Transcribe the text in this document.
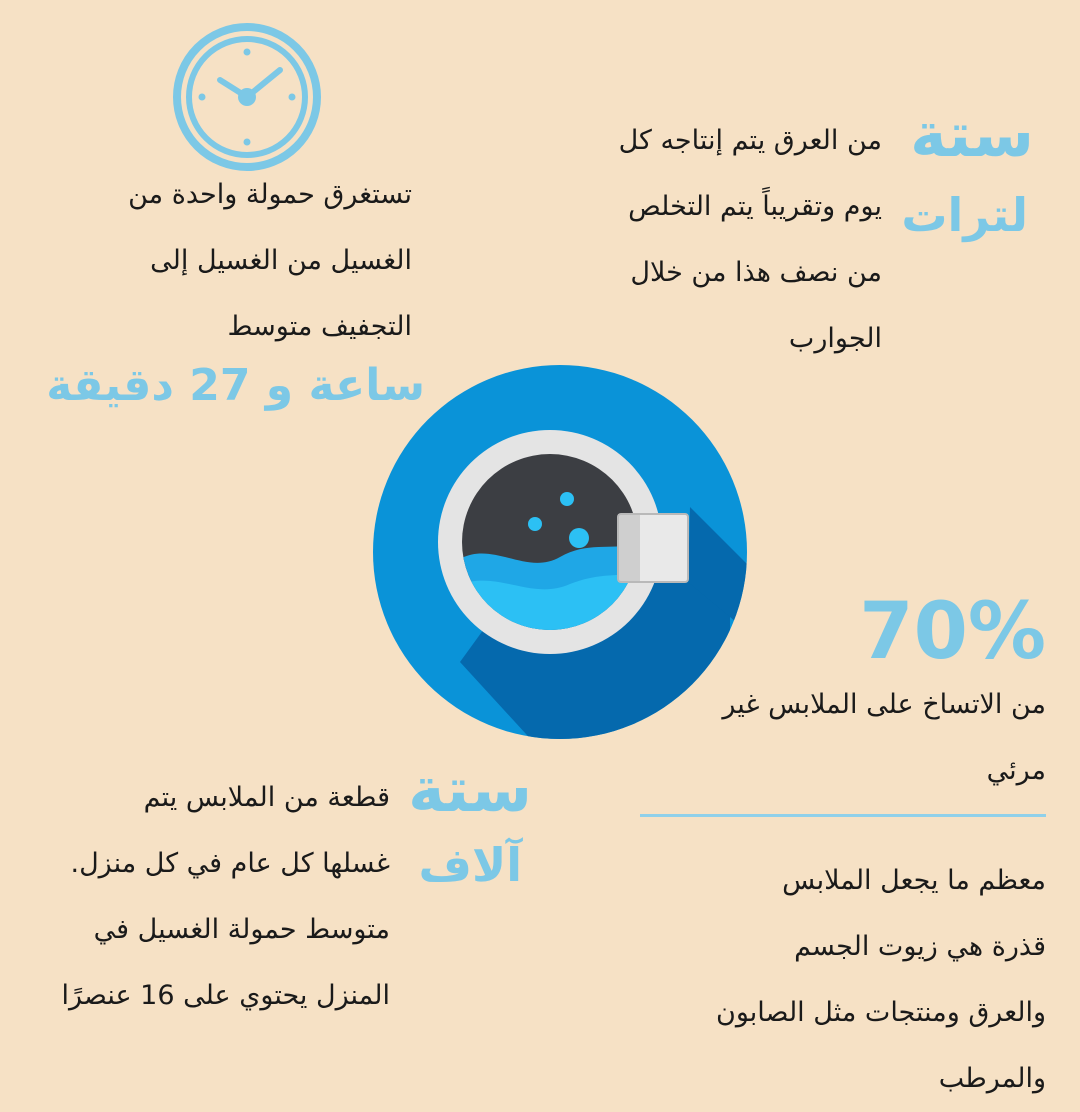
تستغرق حمولة واحدة من

الغسيل من الغسيل إلى

التجفيف متوسط

ساعة و 27 دقيقة
ستة
لترات

من العرق يتم إنتاجه كل

يوم وتقريباً يتم التخلص

من نصف هذا من خلال

الجوارب

70%

من الاتساخ على الملابس غير

مرئي

معظم ما يجعل الملابس

قذرة هي زيوت الجسم

والعرق ومنتجات مثل الصابون

والمرطب

ستة
آلاف

قطعة من الملابس يتم

غسلها كل عام في كل منزل.

متوسط حمولة الغسيل في

المنزل يحتوي على 16 عنصرًا
